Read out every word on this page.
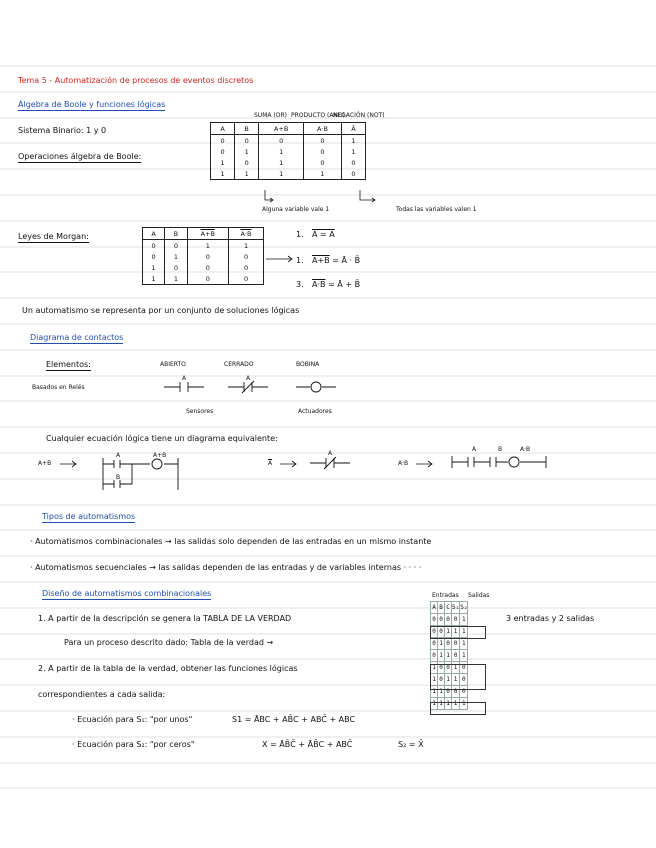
Tema 5 - Automatización de procesos de eventos discretos
Álgebra de Boole y funciones lógicas
Sistema Binario: 1 y 0
Operaciones álgebra de Boole:
SUMA (OR) PRODUCTO (AND)
NEGACIÓN (NOT)
A	B	A+B	A·B	Ā
0	0	0	0	1
0	1	1	0	1
1	0	1	0	0
1	1	1	1	0
Alguna variable vale 1	Todas las variables valen 1
Leyes de Morgan:	A	B	A+B	A·B
0	0	1	1
0	1	0	0
1	0	0	0
1	1	0	0
1. A = A
1. A+B = Ā · B̄
3. A·B = Ā + B̄
Un automatismo se representa por un conjunto de soluciones lógicas
Diagrama de contactos
Elementos:	ABIERTO	CERRADO	BOBINA
Basados en Relés
A	A
Sensores	Actuadores
Cualquier ecuación lógica tiene un diagrama equivalente:
A+B
A
B
A+B
$\overline{Ā}$
A
A·B
A	B	A·B
Tipos de automatismos
· Automatismos combinacionales → las salidas solo dependen de las entradas en un mismo instante
· Automatismos secuenciales → las salidas dependen de las entradas y de variables internas · · · ·
Diseño de automatismos combinacionales
1. A partir de la descripción se genera la TABLA DE LA VERDAD
Para un proceso descrito dado: Tabla de la verdad →
2. A partir de la tabla de la verdad, obtener las funciones lógicas
correspondientes a cada salida:
· Ecuación para S₁: "por unos"	S1 = ĀBC + AB̄C + ABC̄ + ABC
· Ecuación para S₂: "por ceros"	X = ĀB̄C̄ + ĀB̄C + ABC̄	S₂ = X̄
3 entradas y 2 salidas
Entradas Salidas
A	B	C	S₁	S₂
0	0	0	0	1
0	0	1	1	1
0	1	0	0	1
0	1	1	0	1
1	0	0	1	0
1	0	1	1	0
1	1	0	0	0
1	1	1	1	1
